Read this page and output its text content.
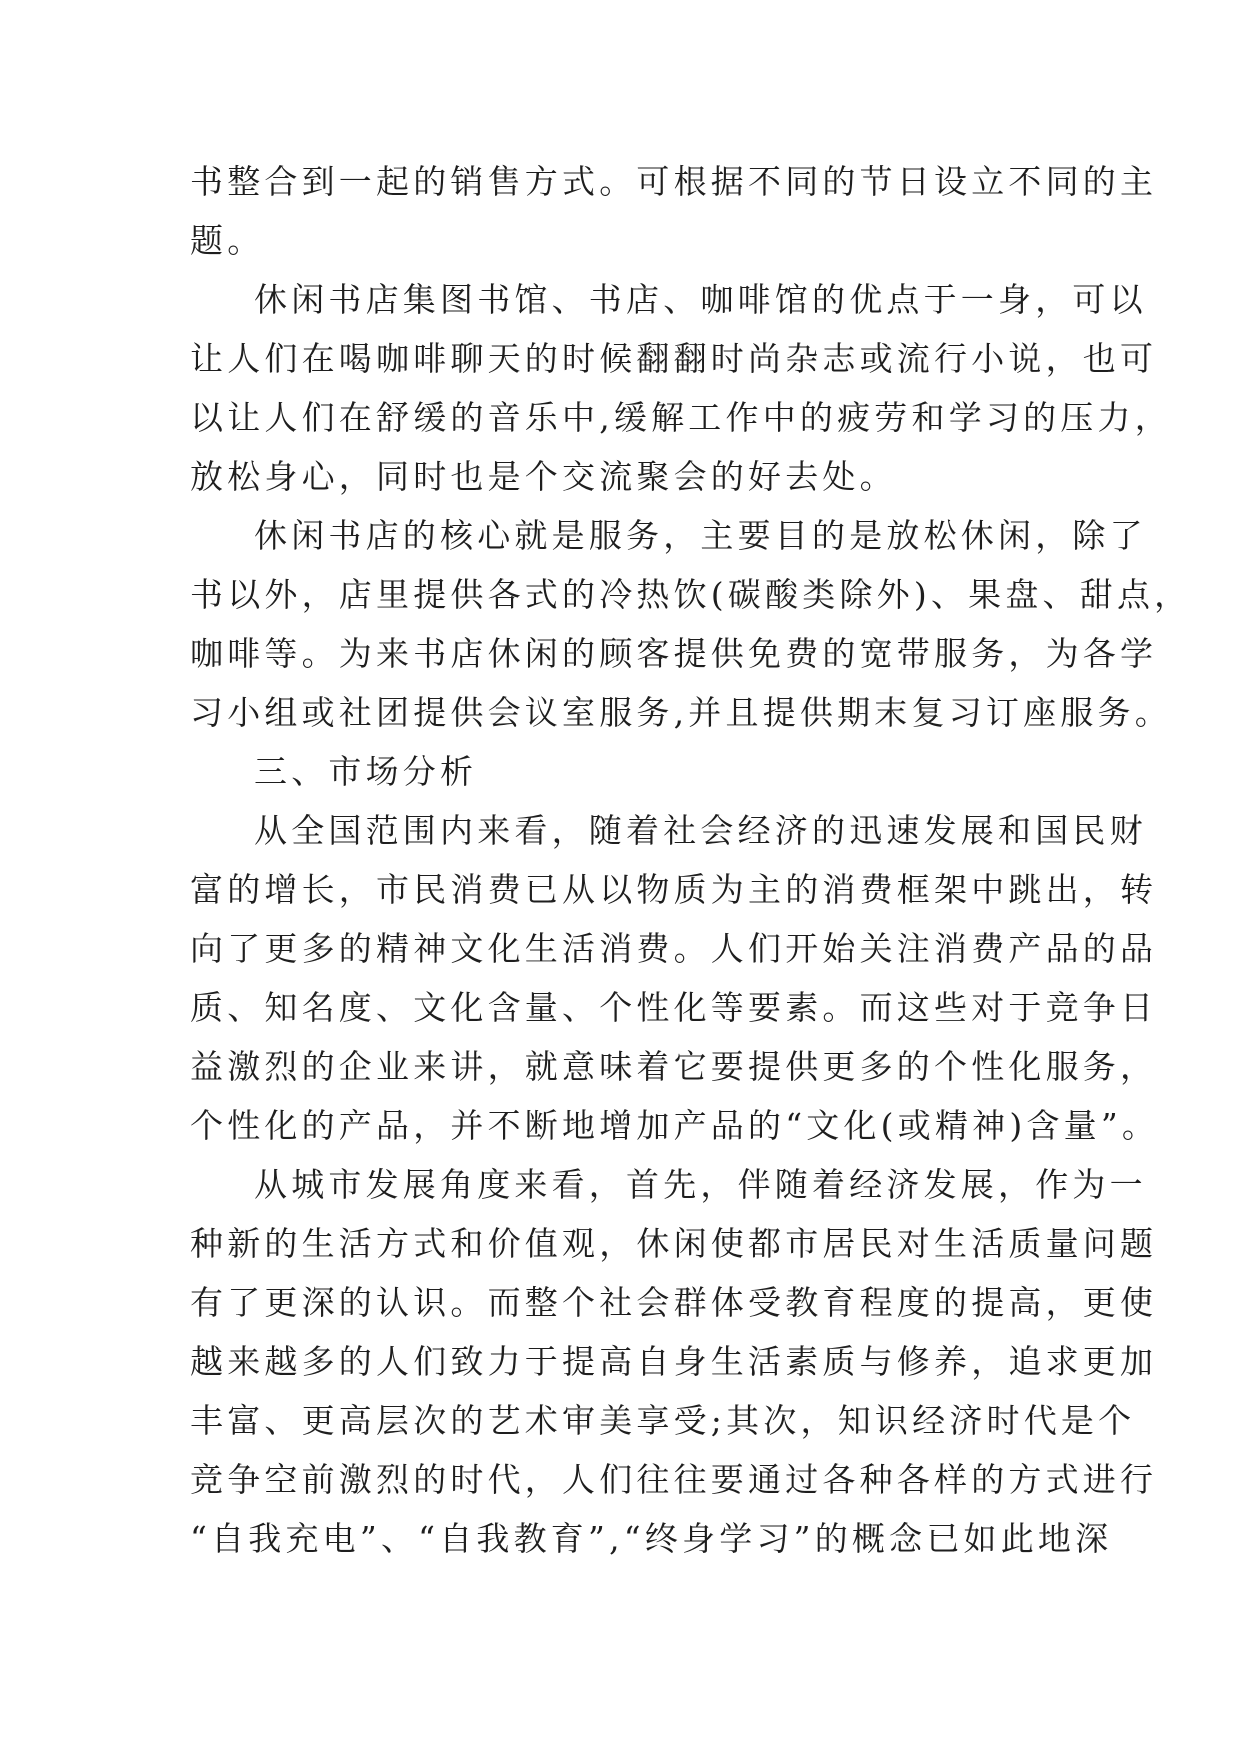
书整合到一起的销售方式。可根据不同的节日设立不同的主
题。
休闲书店集图书馆、书店、咖啡馆的优点于一身，可以
让人们在喝咖啡聊天的时候翻翻时尚杂志或流行小说，也可
以让人们在舒缓的音乐中,缓解工作中的疲劳和学习的压力，
放松身心，同时也是个交流聚会的好去处。
休闲书店的核心就是服务，主要目的是放松休闲，除了
书以外，店里提供各式的冷热饮(碳酸类除外)、果盘、甜点，
咖啡等。为来书店休闲的顾客提供免费的宽带服务，为各学
习小组或社团提供会议室服务,并且提供期末复习订座服务。
三、市场分析
从全国范围内来看，随着社会经济的迅速发展和国民财
富的增长，市民消费已从以物质为主的消费框架中跳出，转
向了更多的精神文化生活消费。人们开始关注消费产品的品
质、知名度、文化含量、个性化等要素。而这些对于竞争日
益激烈的企业来讲，就意味着它要提供更多的个性化服务，
个性化的产品，并不断地增加产品的“文化(或精神)含量”。
从城市发展角度来看，首先，伴随着经济发展，作为一
种新的生活方式和价值观，休闲使都市居民对生活质量问题
有了更深的认识。而整个社会群体受教育程度的提高，更使
越来越多的人们致力于提高自身生活素质与修养，追求更加
丰富、更高层次的艺术审美享受;其次，知识经济时代是个
竞争空前激烈的时代，人们往往要通过各种各样的方式进行
“自我充电”、“自我教育”,“终身学习”的概念已如此地深
